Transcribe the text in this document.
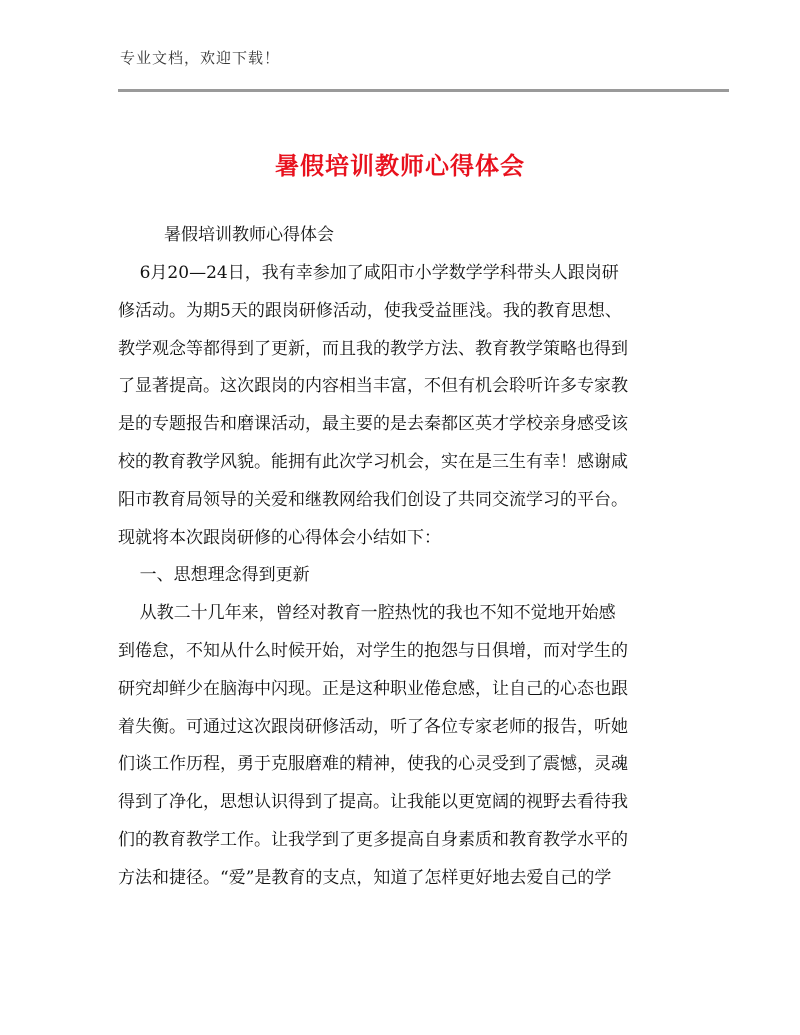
专业文档，欢迎下载！
暑假培训教师心得体会
暑假培训教师心得体会
6月20—24日，我有幸参加了咸阳市小学数学学科带头人跟岗研
修活动。为期5天的跟岗研修活动，使我受益匪浅。我的教育思想、
教学观念等都得到了更新，而且我的教学方法、教育教学策略也得到
了显著提高。这次跟岗的内容相当丰富，不但有机会聆听许多专家教
是的专题报告和磨课活动，最主要的是去秦都区英才学校亲身感受该
校的教育教学风貌。能拥有此次学习机会，实在是三生有幸！感谢咸
阳市教育局领导的关爱和继教网给我们创设了共同交流学习的平台。
现就将本次跟岗研修的心得体会小结如下：
一、思想理念得到更新
从教二十几年来，曾经对教育一腔热忱的我也不知不觉地开始感
到倦怠，不知从什么时候开始，对学生的抱怨与日俱增，而对学生的
研究却鲜少在脑海中闪现。正是这种职业倦怠感，让自己的心态也跟
着失衡。可通过这次跟岗研修活动，听了各位专家老师的报告，听她
们谈工作历程，勇于克服磨难的精神，使我的心灵受到了震憾，灵魂
得到了净化，思想认识得到了提高。让我能以更宽阔的视野去看待我
们的教育教学工作。让我学到了更多提高自身素质和教育教学水平的
方法和捷径。“爱”是教育的支点，知道了怎样更好地去爱自己的学
